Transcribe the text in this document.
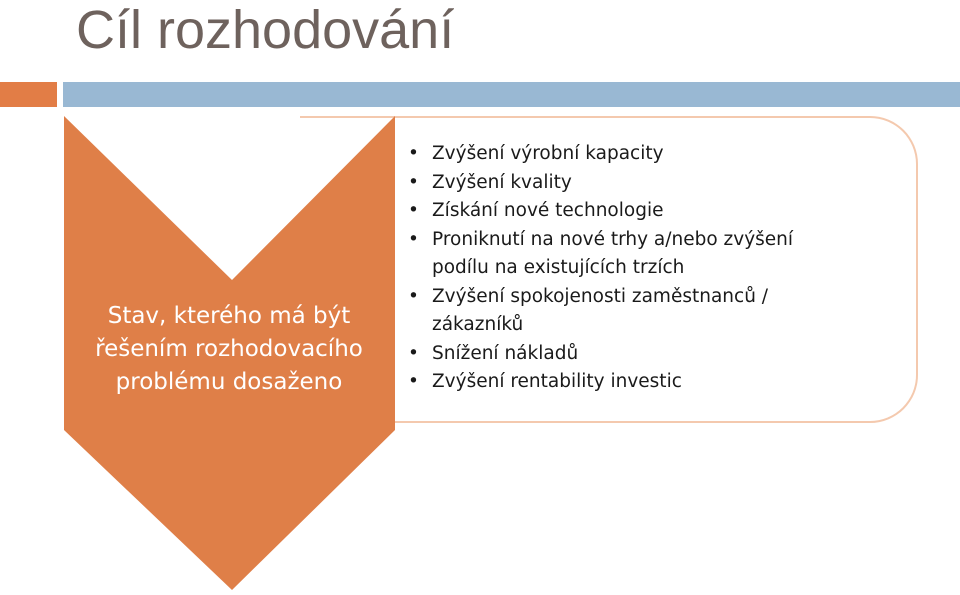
Cíl rozhodování
Stav, kterého má být
řešením rozhodovacího
problému dosaženo
• Zvýšení výrobní kapacity
• Zvýšení kvality
• Získání nové technologie
• Proniknutí na nové trhy a/nebo zvýšení
podílu na existujících trzích
• Zvýšení spokojenosti zaměstnanců /
zákazníků
• Snížení nákladů
• Zvýšení rentability investic
